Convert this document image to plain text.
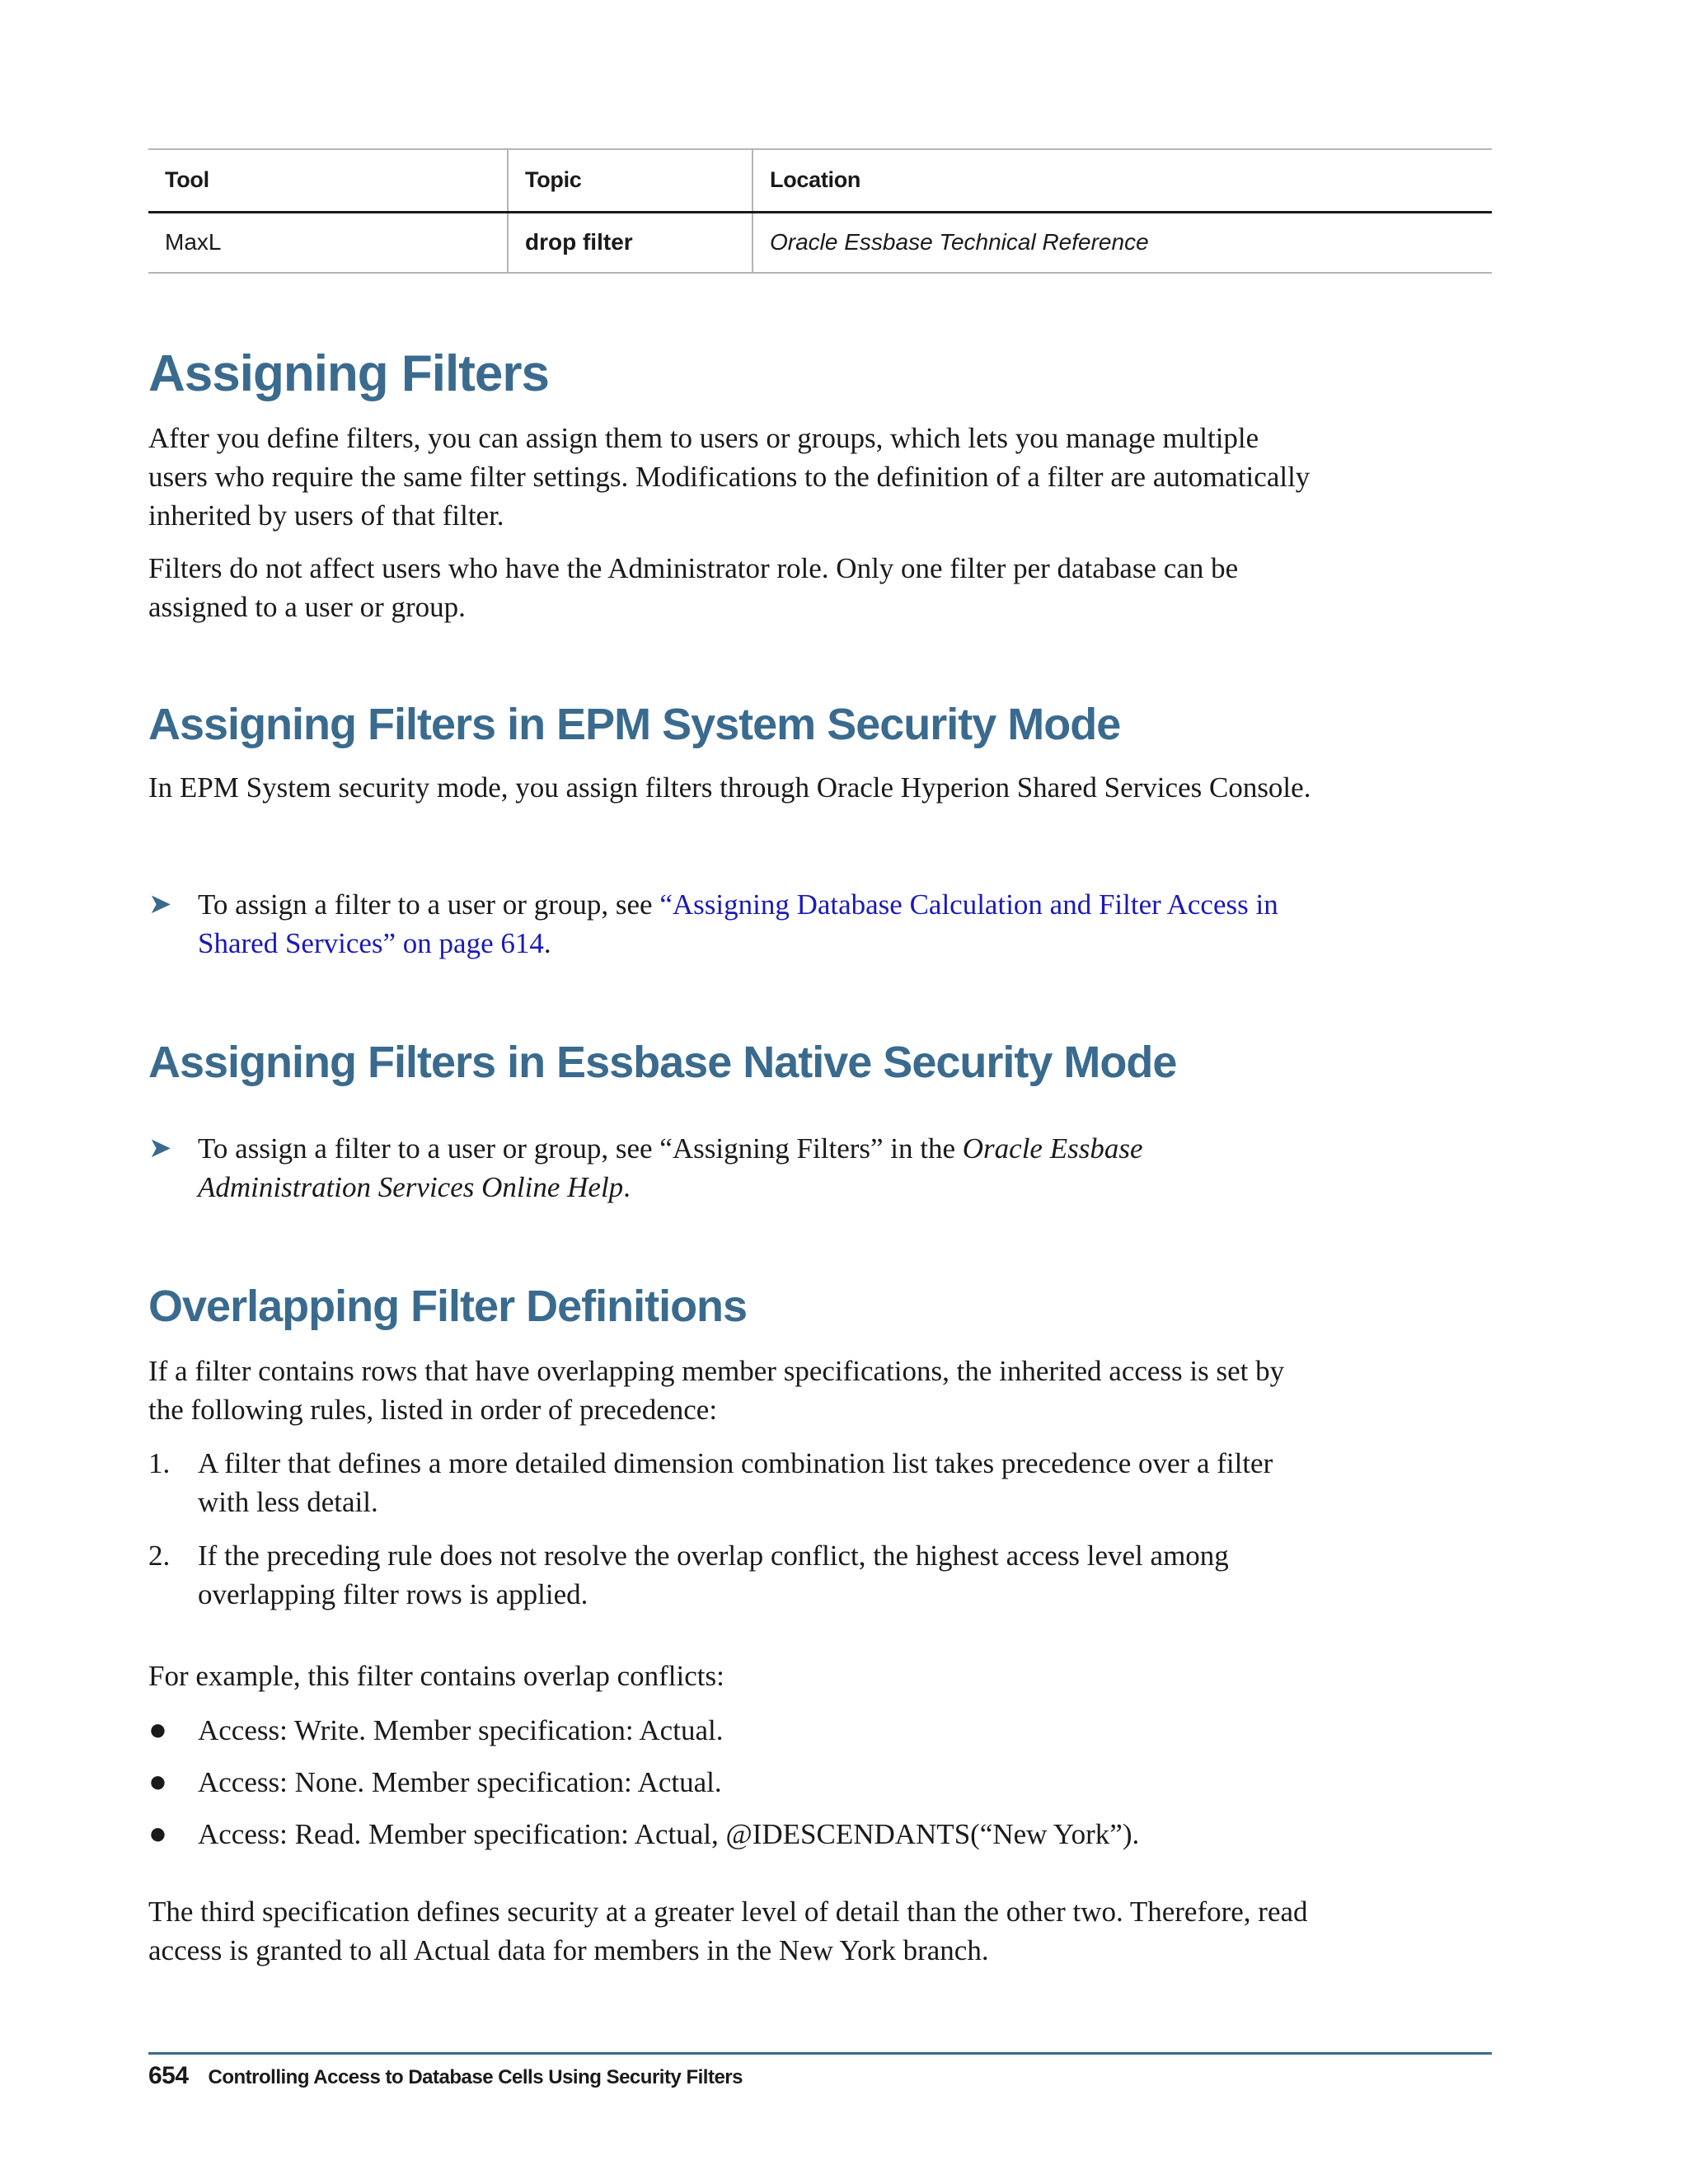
Tool	Topic	Location
MaxL	drop filter	Oracle Essbase Technical Reference
Assigning Filters

After you define filters, you can assign them to users or groups, which lets you manage multiple users who require the same filter settings. Modifications to the definition of a filter are automatically inherited by users of that filter.

Filters do not affect users who have the Administrator role. Only one filter per database can be assigned to a user or group.

Assigning Filters in EPM System Security Mode

In EPM System security mode, you assign filters through Oracle Hyperion Shared Services Console.

➤ To assign a filter to a user or group, see “Assigning Database Calculation and Filter Access in Shared Services” on page 614.
Assigning Filters in Essbase Native Security Mode
➤ To assign a filter to a user or group, see “Assigning Filters” in the Oracle Essbase Administration Services Online Help.
Overlapping Filter Definitions

If a filter contains rows that have overlapping member specifications, the inherited access is set by the following rules, listed in order of precedence:

1. A filter that defines a more detailed dimension combination list takes precedence over a filter with less detail.
2. If the preceding rule does not resolve the overlap conflict, the highest access level among overlapping filter rows is applied.

For example, this filter contains overlap conflicts:

● Access: Write. Member specification: Actual.
● Access: None. Member specification: Actual.
● Access: Read. Member specification: Actual, @IDESCENDANTS(“New York”).

The third specification defines security at a greater level of detail than the other two. Therefore, read access is granted to all Actual data for members in the New York branch.

654 Controlling Access to Database Cells Using Security Filters
